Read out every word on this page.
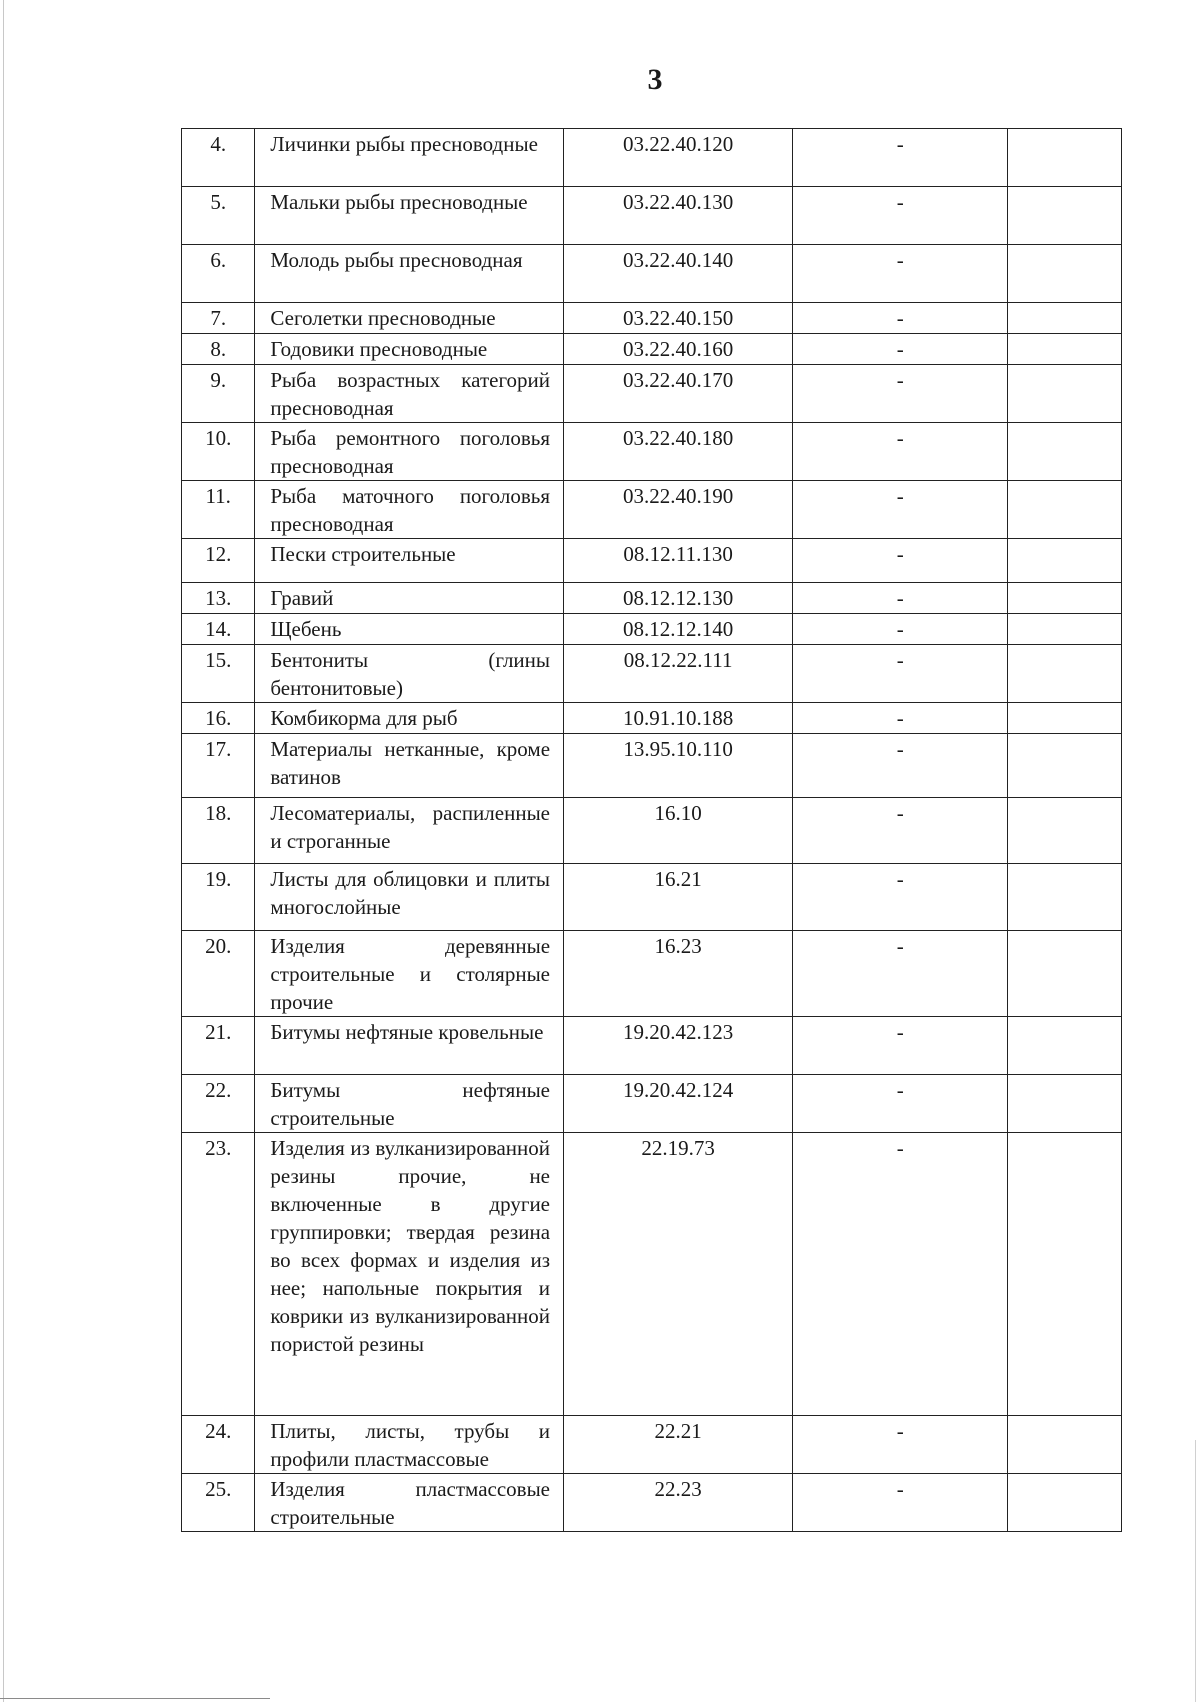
3
4.	Личинки рыбы пресноводные	03.22.40.120	-	

5.	Мальки рыбы пресноводные	03.22.40.130	-	

6.	Молодь рыбы пресноводная	03.22.40.140	-	

7.	Сеголетки пресноводные	03.22.40.150	-	

8.	Годовики пресноводные	03.22.40.160	-	

9.	Рыба возрастных категорий пресноводная	03.22.40.170	-	

10.	Рыба ремонтного поголовья пресноводная	03.22.40.180	-	

11.	Рыба маточного поголовья пресноводная	03.22.40.190	-	

12.	Пески строительные	08.12.11.130	-	

13.	Гравий	08.12.12.130	-	

14.	Щебень	08.12.12.140	-	

15.	Бентониты (глины бентонитовые)	08.12.22.111	-	

16.	Комбикорма для рыб	10.91.10.188	-	

17.	Материалы нетканные, кроме ватинов	13.95.10.110	-	

18.	Лесоматериалы, распиленные и строганные	16.10	-	

19.	Листы для облицовки и плиты многослойные	16.21	-	

20.	Изделия деревянные строительные и столярные прочие	16.23	-	

21.	Битумы нефтяные кровельные	19.20.42.123	-	

22.	Битумы нефтяные строительные	19.20.42.124	-	

23.	Изделия из вулканизированной резины прочие, не включенные в другие группировки; твердая резина во всех формах и изделия из нее; напольные покрытия и коврики из вулканизированной пористой резины	22.19.73	-	

24.	Плиты, листы, трубы и профили пластмассовые	22.21	-	

25.	Изделия пластмассовые строительные	22.23	-	
